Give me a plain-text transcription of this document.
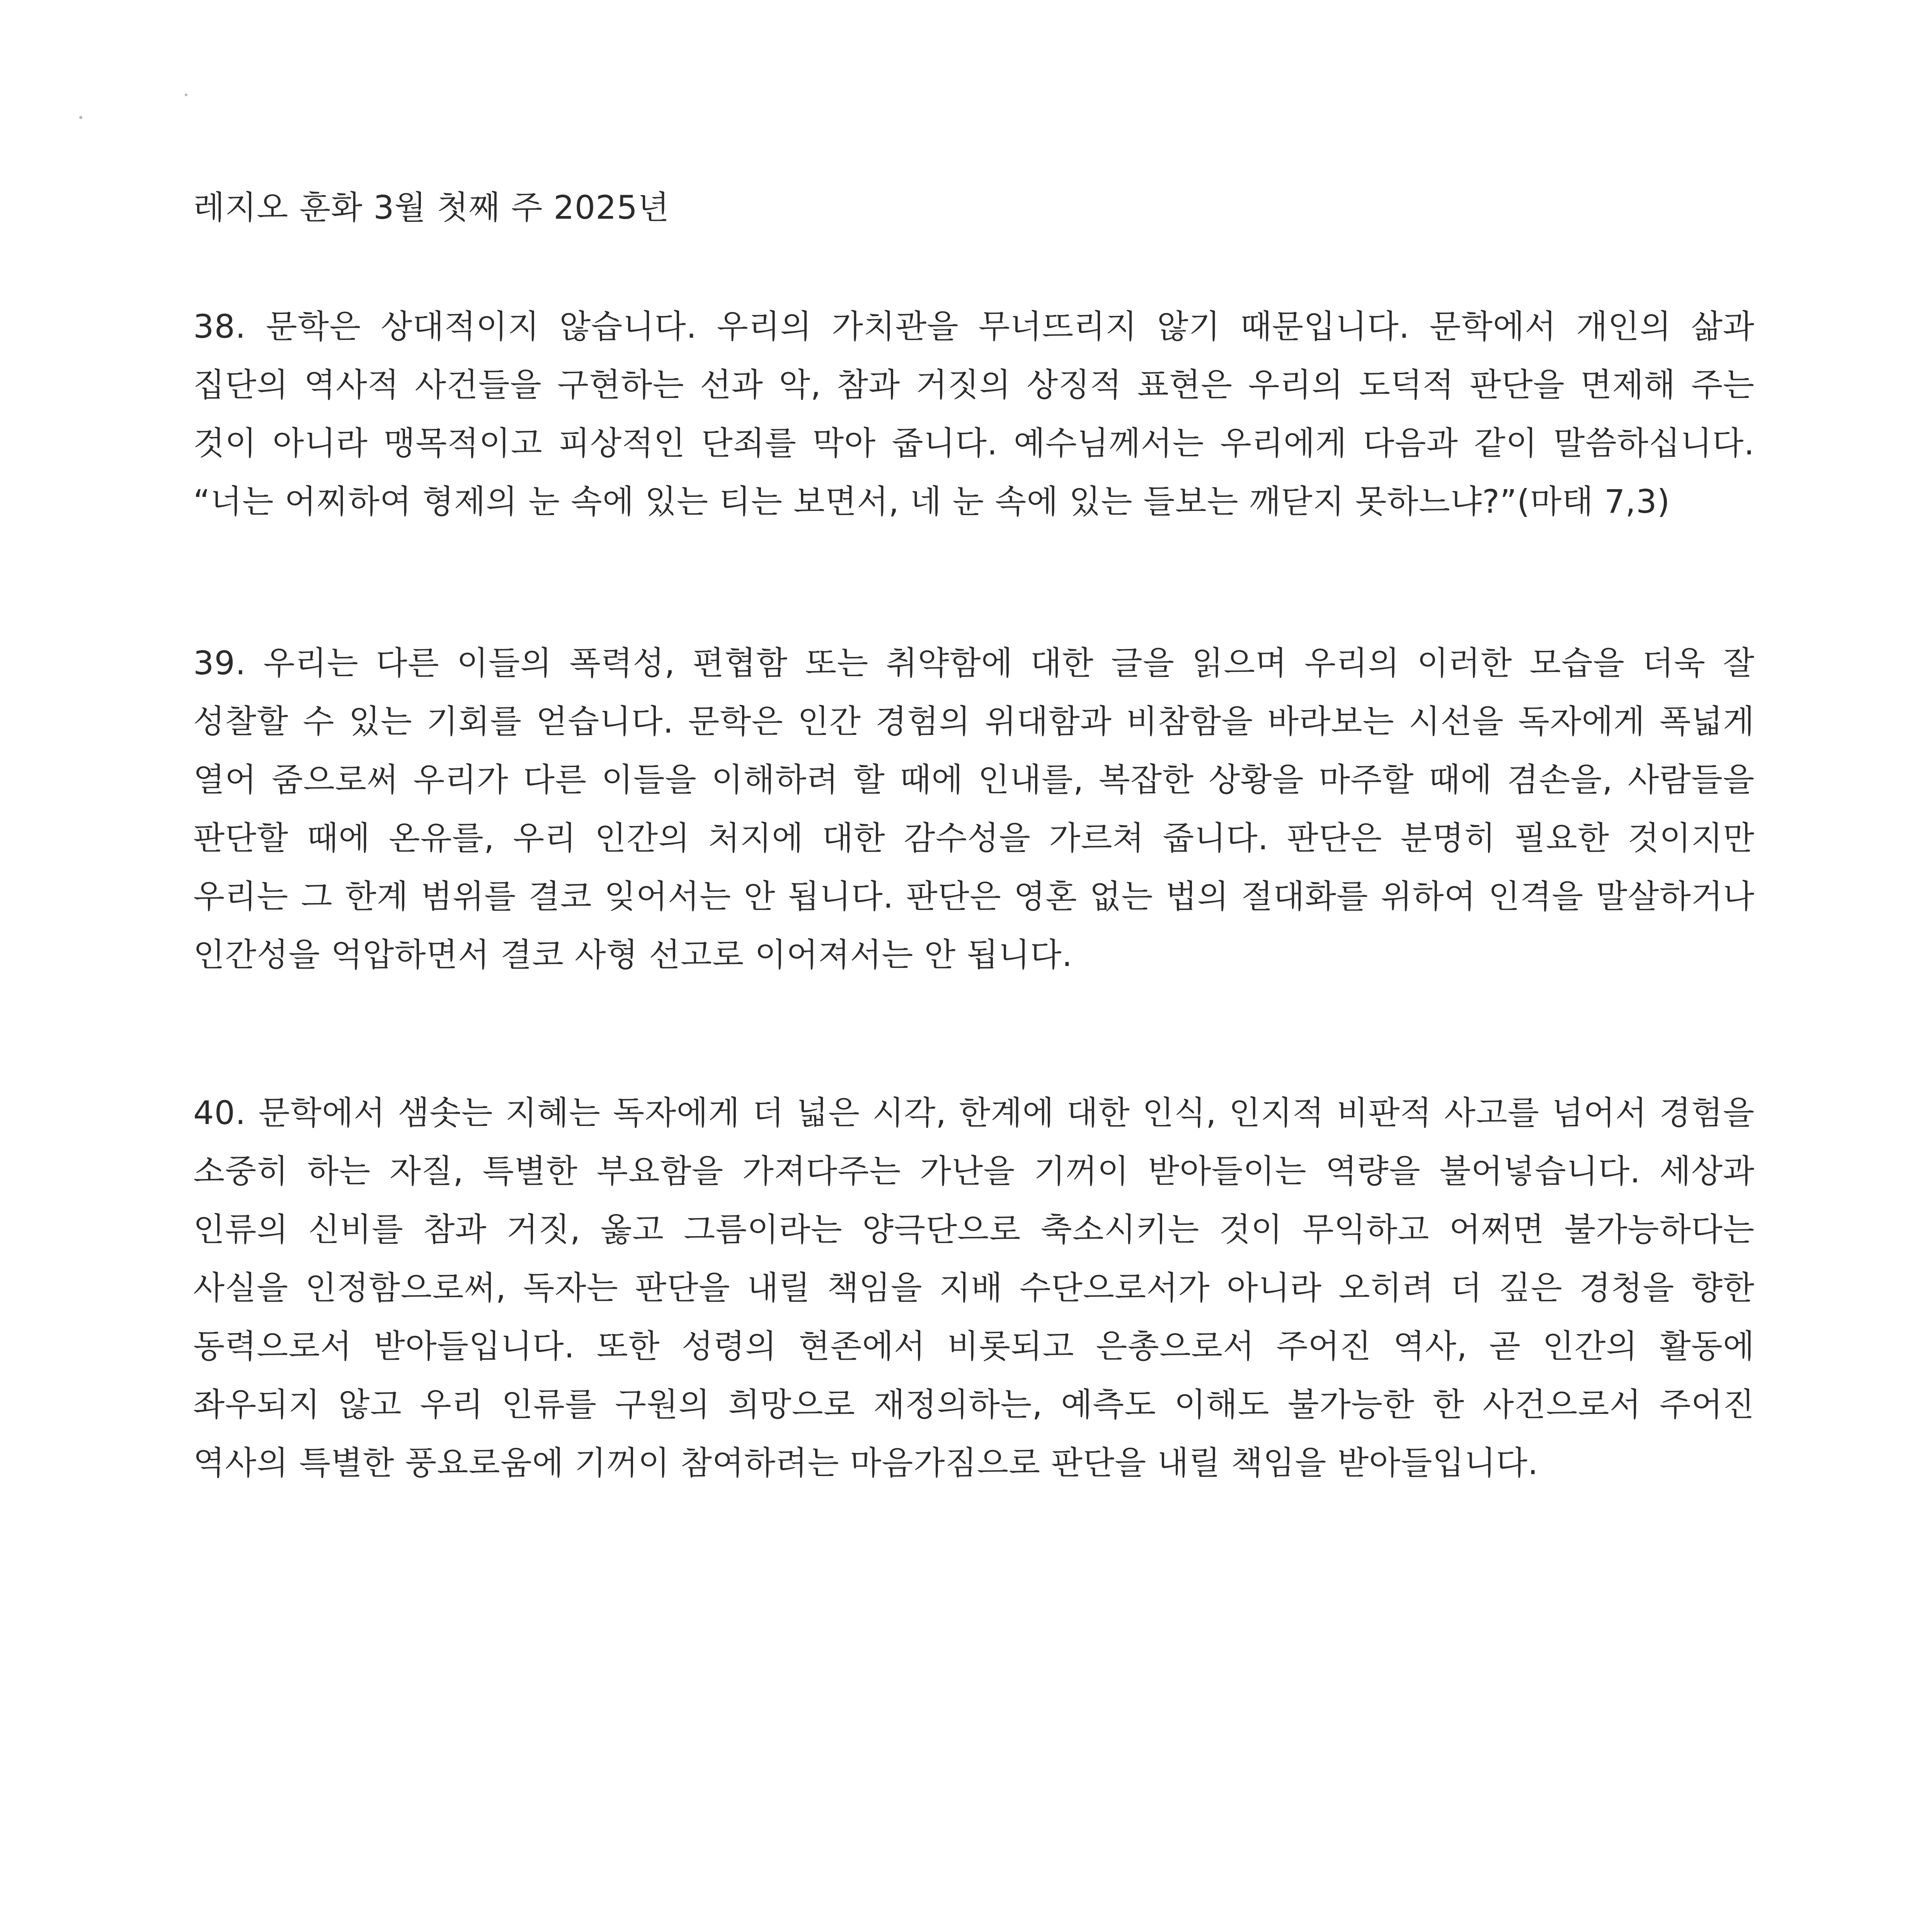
레지오 훈화 3월 첫째 주 2025년
38. 문학은 상대적이지 않습니다. 우리의 가치관을 무너뜨리지 않기 때문입니다. 문학에서 개인의 삶과 집단의 역사적 사건들을 구현하는 선과 악, 참과 거짓의 상징적 표현은 우리의 도덕적 판단을 면제해 주는 것이 아니라 맹목적이고 피상적인 단죄를 막아 줍니다. 예수님께서는 우리에게 다음과 같이 말씀하십니다. “너는 어찌하여 형제의 눈 속에 있는 티는 보면서, 네 눈 속에 있는 들보는 깨닫지 못하느냐?”(마태 7,3)
39. 우리는 다른 이들의 폭력성, 편협함 또는 취약함에 대한 글을 읽으며 우리의 이러한 모습을 더욱 잘 성찰할 수 있는 기회를 얻습니다. 문학은 인간 경험의 위대함과 비참함을 바라보는 시선을 독자에게 폭넓게 열어 줌으로써 우리가 다른 이들을 이해하려 할 때에 인내를, 복잡한 상황을 마주할 때에 겸손을, 사람들을 판단할 때에 온유를, 우리 인간의 처지에 대한 감수성을 가르쳐 줍니다. 판단은 분명히 필요한 것이지만 우리는 그 한계 범위를 결코 잊어서는 안 됩니다. 판단은 영혼 없는 법의 절대화를 위하여 인격을 말살하거나 인간성을 억압하면서 결코 사형 선고로 이어져서는 안 됩니다.
40. 문학에서 샘솟는 지혜는 독자에게 더 넓은 시각, 한계에 대한 인식, 인지적 비판적 사고를 넘어서 경험을 소중히 하는 자질, 특별한 부요함을 가져다주는 가난을 기꺼이 받아들이는 역량을 불어넣습니다. 세상과 인류의 신비를 참과 거짓, 옳고 그름이라는 양극단으로 축소시키는 것이 무익하고 어쩌면 불가능하다는 사실을 인정함으로써, 독자는 판단을 내릴 책임을 지배 수단으로서가 아니라 오히려 더 깊은 경청을 향한 동력으로서 받아들입니다. 또한 성령의 현존에서 비롯되고 은총으로서 주어진 역사, 곧 인간의 활동에 좌우되지 않고 우리 인류를 구원의 희망으로 재정의하는, 예측도 이해도 불가능한 한 사건으로서 주어진 역사의 특별한 풍요로움에 기꺼이 참여하려는 마음가짐으로 판단을 내릴 책임을 받아들입니다.
